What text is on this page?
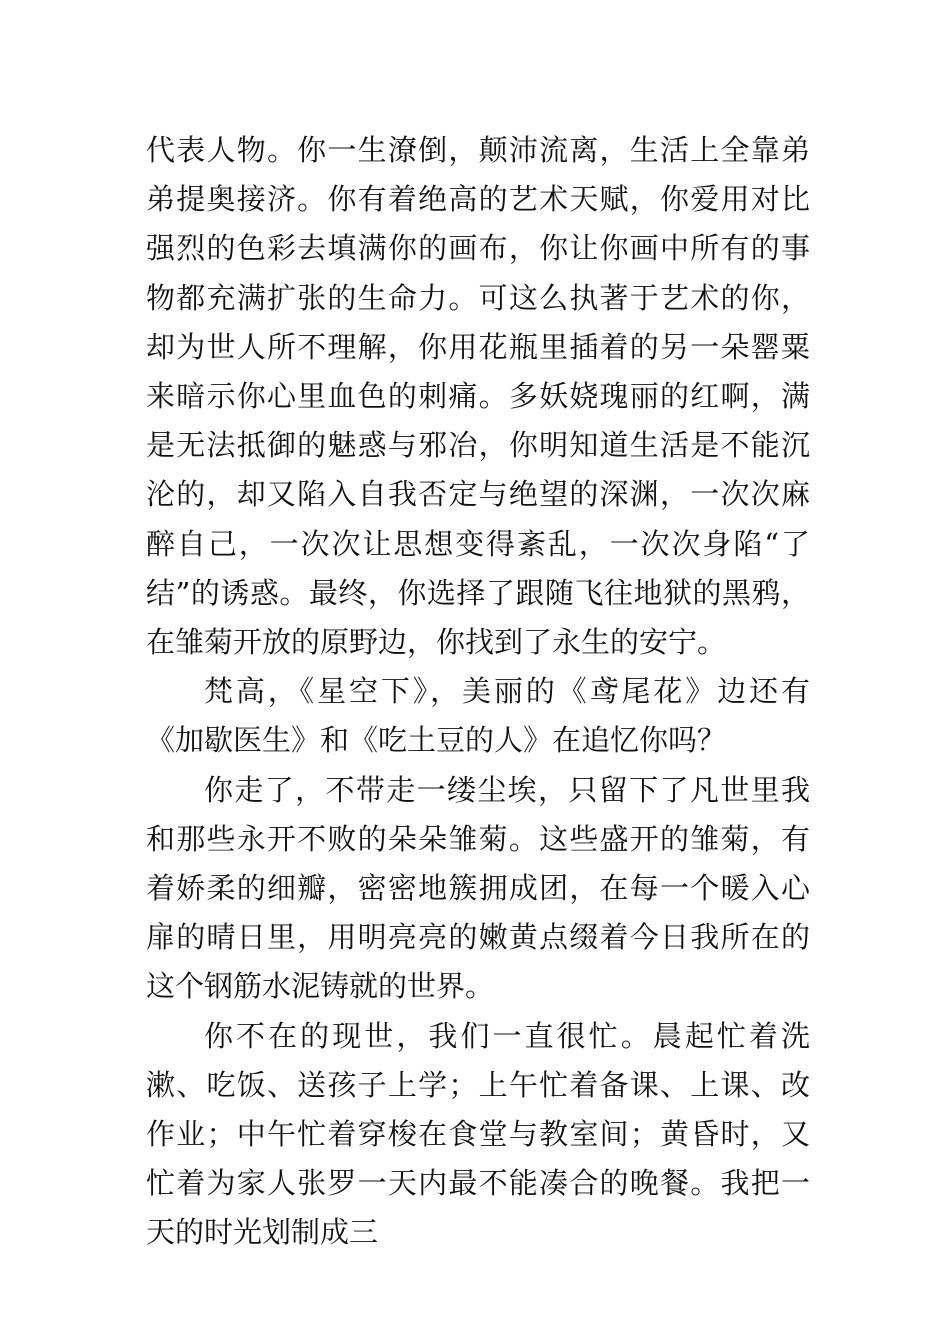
代表人物。你一生潦倒，颠沛流离，生活上全靠弟弟提奥接济。你有着绝高的艺术天赋，你爱用对比强烈的色彩去填满你的画布，你让你画中所有的事物都充满扩张的生命力。可这么执著于艺术的你，却为世人所不理解，你用花瓶里插着的另一朵罂粟来暗示你心里血色的刺痛。多妖娆瑰丽的红啊，满是无法抵御的魅惑与邪冶，你明知道生活是不能沉沦的，却又陷入自我否定与绝望的深渊，一次次麻醉自己，一次次让思想变得紊乱，一次次身陷“了结”的诱惑。最终，你选择了跟随飞往地狱的黑鸦，在雏菊开放的原野边，你找到了永生的安宁。

梵高，《星空下》，美丽的《鸢尾花》边还有《加歇医生》和《吃土豆的人》在追忆你吗？

你走了，不带走一缕尘埃，只留下了凡世里我和那些永开不败的朵朵雏菊。这些盛开的雏菊，有着娇柔的细瓣，密密地簇拥成团，在每一个暖入心扉的晴日里，用明亮亮的嫩黄点缀着今日我所在的这个钢筋水泥铸就的世界。

你不在的现世，我们一直很忙。晨起忙着洗漱、吃饭、送孩子上学；上午忙着备课、上课、改作业；中午忙着穿梭在食堂与教室间；黄昏时，又忙着为家人张罗一天内最不能凑合的晚餐。我把一天的时光划制成三
